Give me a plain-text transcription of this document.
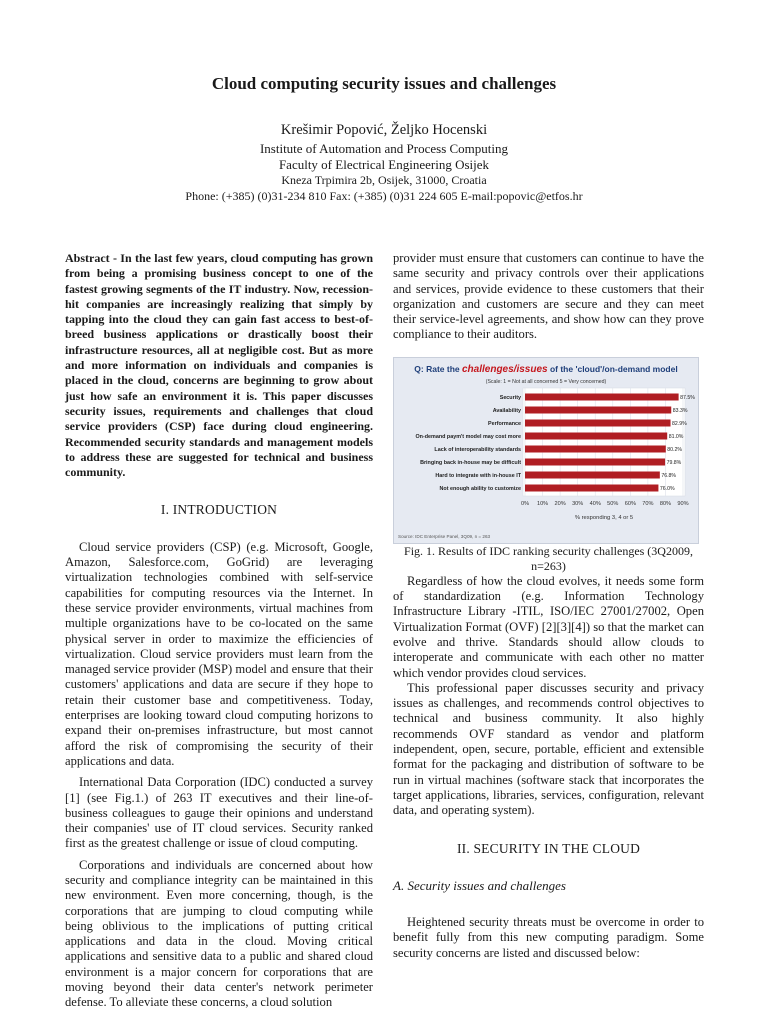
Cloud computing security issues and challenges
Krešimir Popović, Željko Hocenski
Institute of Automation and Process Computing
Faculty of Electrical Engineering Osijek
Kneza Trpimira 2b, Osijek, 31000, Croatia
Phone: (+385) (0)31-234 810 Fax: (+385) (0)31 224 605 E-mail:popovic@etfos.hr

Abstract - In the last few years, cloud computing has grown from being a promising business concept to one of the fastest growing segments of the IT industry. Now, recession-hit companies are increasingly realizing that simply by tapping into the cloud they can gain fast access to best-of-breed business applications or drastically boost their infrastructure resources, all at negligible cost. But as more and more information on individuals and companies is placed in the cloud, concerns are beginning to grow about just how safe an environment it is. This paper discusses security issues, requirements and challenges that cloud service providers (CSP) face during cloud engineering. Recommended security standards and management models to address these are suggested for technical and business community.

I. INTRODUCTION

Cloud service providers (CSP) (e.g. Microsoft, Google, Amazon, Salesforce.com, GoGrid) are leveraging virtualization technologies combined with self-service capabilities for computing resources via the Internet. In these service provider environments, virtual machines from multiple organizations have to be co-located on the same physical server in order to maximize the efficiencies of virtualization. Cloud service providers must learn from the managed service provider (MSP) model and ensure that their customers' applications and data are secure if they hope to retain their customer base and competitiveness. Today, enterprises are looking toward cloud computing horizons to expand their on-premises infrastructure, but most cannot afford the risk of compromising the security of their applications and data.

International Data Corporation (IDC) conducted a survey [1] (see Fig.1.) of 263 IT executives and their line-of-business colleagues to gauge their opinions and understand their companies' use of IT cloud services. Security ranked first as the greatest challenge or issue of cloud computing.

Corporations and individuals are concerned about how security and compliance integrity can be maintained in this new environment. Even more concerning, though, is the corporations that are jumping to cloud computing while being oblivious to the implications of putting critical applications and data in the cloud. Moving critical applications and sensitive data to a public and shared cloud environment is a major concern for corporations that are moving beyond their data center's network perimeter defense. To alleviate these concerns, a cloud solution

provider must ensure that customers can continue to have the same security and privacy controls over their applications and services, provide evidence to these customers that their organization and customers are secure and they can meet their service-level agreements, and show how can they prove compliance to their auditors.

Q: Rate the challenges/issues of the 'cloud'/on-demand model
(Scale: 1 = Not at all concerned 5 = Very concerned)
Security
Availability
Performance
On-demand paym't model may cost more
Lack of interoperability standards
Bringing back in-house may be difficult
Hard to integrate with in-house IT
Not enough ability to customize
87.5%
83.3%
82.9%
81.0%
80.2%
79.8%
76.8%
76.0%
0% 10% 20% 30% 40% 50% 60% 70% 80% 90%
% responding 3, 4 or 5
Source: IDC Enterprise Panel, 3Q09, n = 263

Fig. 1. Results of IDC ranking security challenges (3Q2009, n=263)

Regardless of how the cloud evolves, it needs some form of standardization (e.g. Information Technology Infrastructure Library -ITIL, ISO/IEC 27001/27002, Open Virtualization Format (OVF) [2][3][4]) so that the market can evolve and thrive. Standards should allow clouds to interoperate and communicate with each other no matter which vendor provides cloud services.

This professional paper discusses security and privacy issues as challenges, and recommends control objectives to technical and business community. It also highly recommends OVF standard as vendor and platform independent, open, secure, portable, efficient and extensible format for the packaging and distribution of software to be run in virtual machines (software stack that incorporates the target applications, libraries, services, configuration, relevant data, and operating system).

II. SECURITY IN THE CLOUD
A. Security issues and challenges

Heightened security threats must be overcome in order to benefit fully from this new computing paradigm. Some security concerns are listed and discussed below:
